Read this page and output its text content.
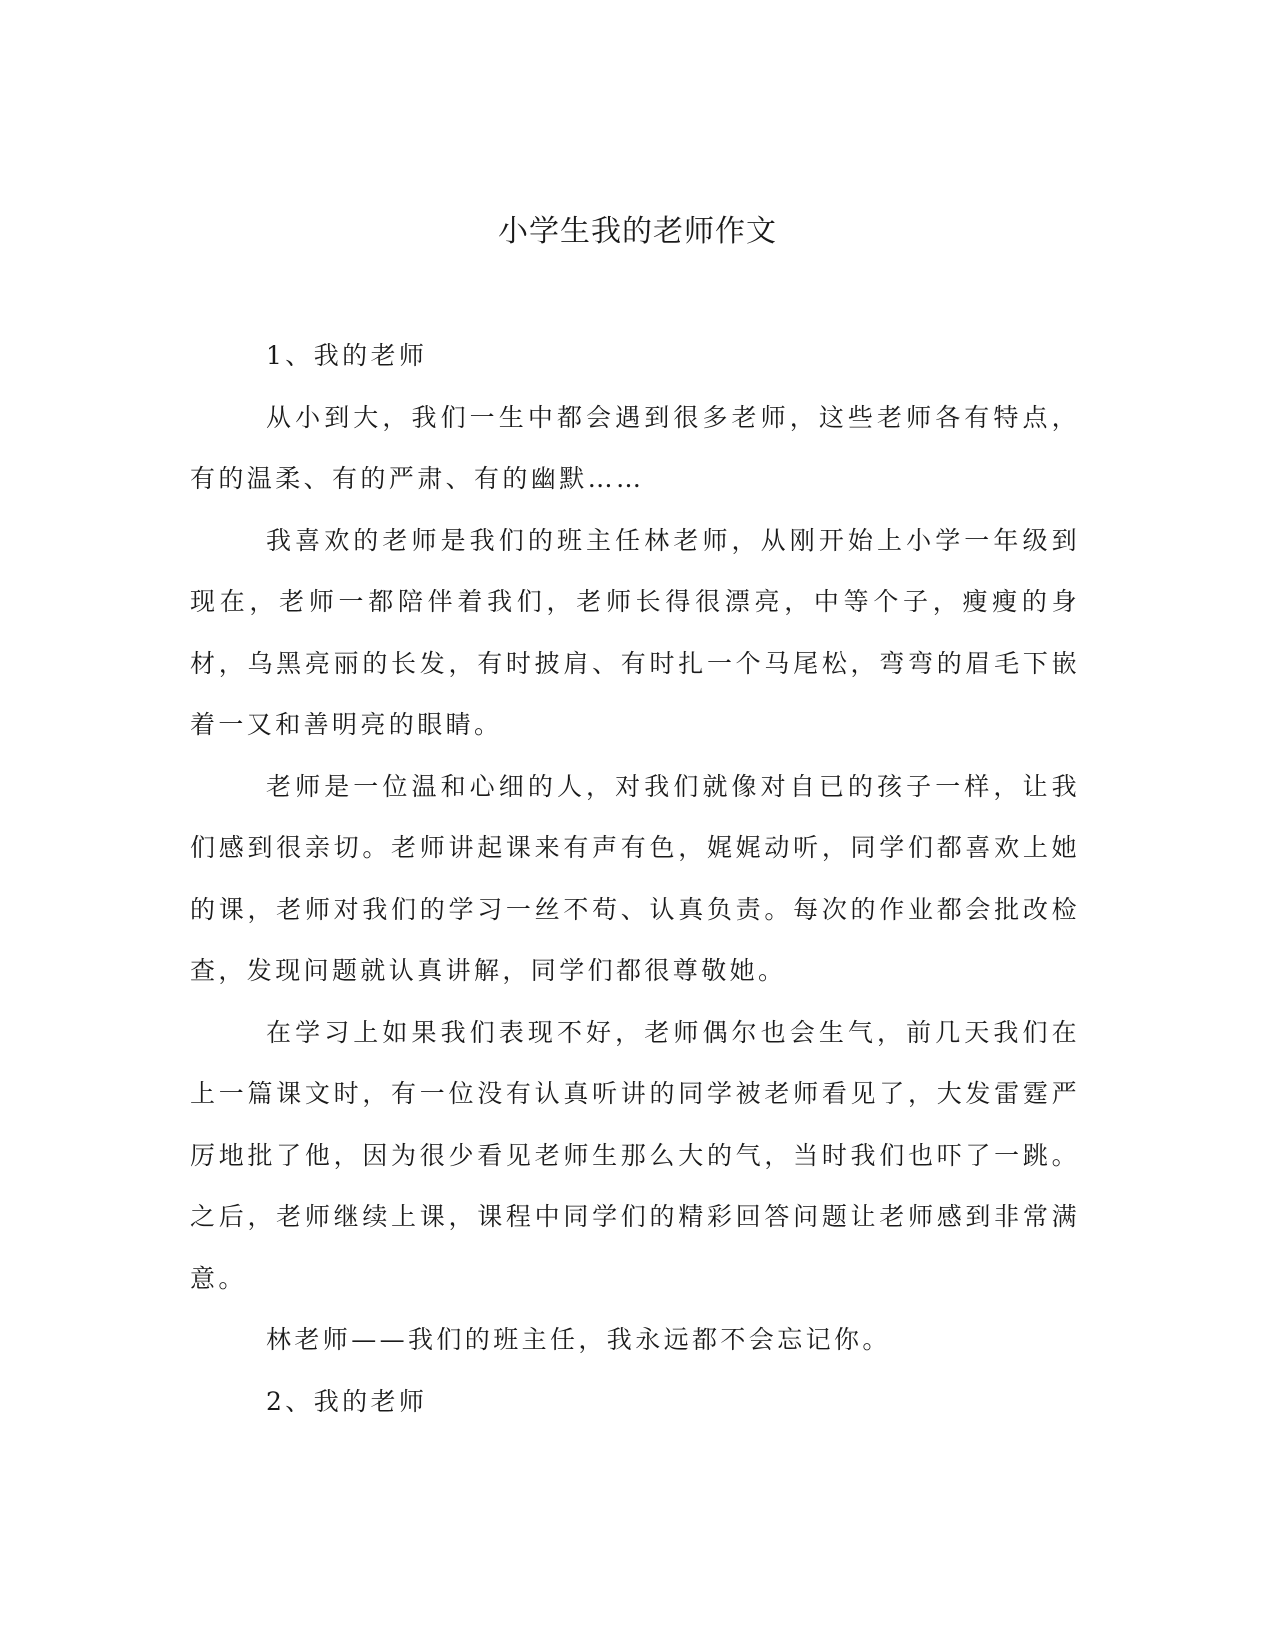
小学生我的老师作文

1、我的老师

从小到大，我们一生中都会遇到很多老师，这些老师各有特点，有的温柔、有的严肃、有的幽默……

我喜欢的老师是我们的班主任林老师，从刚开始上小学一年级到现在，老师一都陪伴着我们，老师长得很漂亮，中等个子，瘦瘦的身材，乌黑亮丽的长发，有时披肩、有时扎一个马尾松，弯弯的眉毛下嵌着一又和善明亮的眼睛。

老师是一位温和心细的人，对我们就像对自已的孩子一样，让我们感到很亲切。老师讲起课来有声有色，娓娓动听，同学们都喜欢上她的课，老师对我们的学习一丝不苟、认真负责。每次的作业都会批改检查，发现问题就认真讲解，同学们都很尊敬她。

在学习上如果我们表现不好，老师偶尔也会生气，前几天我们在上一篇课文时，有一位没有认真听讲的同学被老师看见了，大发雷霆严厉地批了他，因为很少看见老师生那么大的气，当时我们也吓了一跳。之后，老师继续上课，课程中同学们的精彩回答问题让老师感到非常满意。

林老师——我们的班主任，我永远都不会忘记你。

2、我的老师
